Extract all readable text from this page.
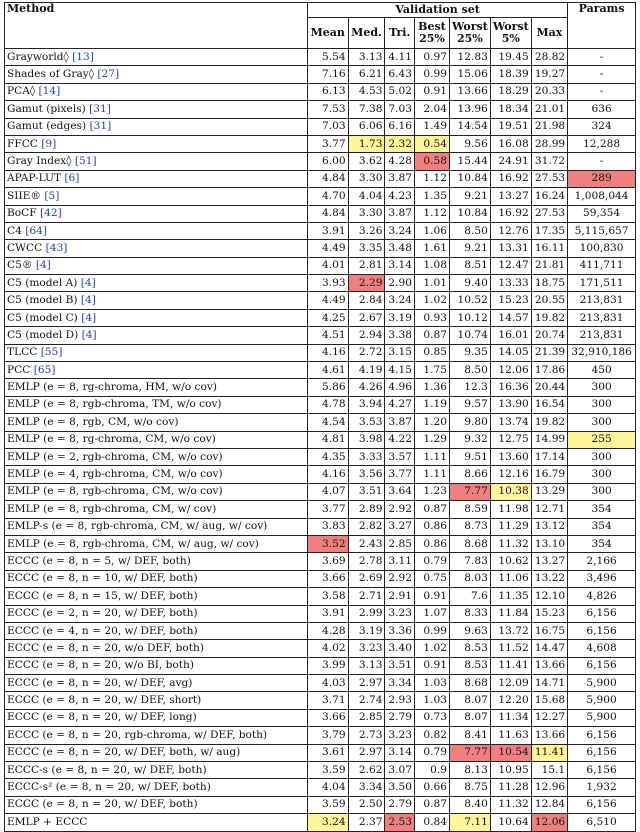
Method	Validation set							Params
	Mean	Med.	Tri.	Best 25%	Worst 25%	Worst 5%	Max	
Grayworld◊ [13]	5.54	3.13	4.11	0.97	12.83	19.45	28.82	-
Shades of Gray◊ [27]	7.16	6.21	6.43	0.99	15.06	18.39	19.27	-
PCA◊ [14]	6.13	4.53	5.02	0.91	13.66	18.29	20.33	-
Gamut (pixels) [31]	7.53	7.38	7.03	2.04	13.96	18.34	21.01	636
Gamut (edges) [31]	7.03	6.06	6.16	1.49	14.54	19.51	21.98	324
FFCC [9]	3.77	1.73	2.32	0.54	9.56	16.08	28.99	12,288
Gray Index◊ [51]	6.00	3.62	4.28	0.58	15.44	24.91	31.72	-
APAP-LUT [6]	4.84	3.30	3.87	1.12	10.84	16.92	27.53	289
SIIE® [5]	4.70	4.04	4.23	1.35	9.21	13.27	16.24	1,008,044
BoCF [42]	4.84	3.30	3.87	1.12	10.84	16.92	27.53	59,354
C4 [64]	3.91	3.26	3.24	1.06	8.50	12.76	17.35	5,115,657
CWCC [43]	4.49	3.35	3.48	1.61	9.21	13.31	16.11	100,830
C5® [4]	4.01	2.81	3.14	1.08	8.51	12.47	21.81	411,711
C5 (model A) [4]	3.93	2.29	2.90	1.01	9.40	13.33	18.75	171,511
C5 (model B) [4]	4.49	2.84	3.24	1.02	10.52	15.23	20.55	213,831
C5 (model C) [4]	4.25	2.67	3.19	0.93	10.12	14.57	19.82	213,831
C5 (model D) [4]	4.51	2.94	3.38	0.87	10.74	16.01	20.74	213,831
TLCC [55]	4.16	2.72	3.15	0.85	9.35	14.05	21.39	32,910,186
PCC [65]	4.61	4.19	4.15	1.75	8.50	12.06	17.86	450
EMLP (e = 8, rg-chroma, HM, w/o cov)	5.86	4.26	4.96	1.36	12.3	16.36	20.44	300
EMLP (e = 8, rgb-chroma, TM, w/o cov)	4.78	3.94	4.27	1.19	9.57	13.90	16.54	300
EMLP (e = 8, rgb, CM, w/o cov)	4.54	3.53	3.87	1.20	9.80	13.74	19.82	300
EMLP (e = 8, rg-chroma, CM, w/o cov)	4.81	3.98	4.22	1.29	9.32	12.75	14.99	255
EMLP (e = 2, rgb-chroma, CM, w/o cov)	4.35	3.33	3.57	1.11	9.51	13.60	17.14	300
EMLP (e = 4, rgb-chroma, CM, w/o cov)	4.16	3.56	3.77	1.11	8.66	12.16	16.79	300
EMLP (e = 8, rgb-chroma, CM, w/o cov)	4.07	3.51	3.64	1.23	7.77	10.38	13.29	300
EMLP (e = 8, rgb-chroma, CM, w/ cov)	3.77	2.89	2.92	0.87	8.59	11.98	12.71	354
EMLP-s (e = 8, rgb-chroma, CM, w/ aug, w/ cov)	3.83	2.82	3.27	0.86	8.73	11.29	13.12	354
EMLP (e = 8, rgb-chroma, CM, w/ aug, w/ cov)	3.52	2.43	2.85	0.86	8.68	11.32	13.10	354
ECCC (e = 8, n = 5, w/ DEF, both)	3.69	2.78	3.11	0.79	7.83	10.62	13.27	2,166
ECCC (e = 8, n = 10, w/ DEF, both)	3.66	2.69	2.92	0.75	8.03	11.06	13.22	3,496
ECCC (e = 8, n = 15, w/ DEF, both)	3.58	2.71	2.91	0.91	7.6	11.35	12.10	4,826
ECCC (e = 2, n = 20, w/ DEF, both)	3.91	2.99	3.23	1.07	8.33	11.84	15.23	6,156
ECCC (e = 4, n = 20, w/ DEF, both)	4.28	3.19	3.36	0.99	9.63	13.72	16.75	6,156
ECCC (e = 8, n = 20, w/o DEF, both)	4.02	3.23	3.40	1.02	8.53	11.52	14.47	4,608
ECCC (e = 8, n = 20, w/o BI, both)	3.99	3.13	3.51	0.91	8.53	11.41	13.66	6,156
ECCC (e = 8, n = 20, w/ DEF, avg)	4.03	2.97	3.34	1.03	8.68	12.09	14.71	5,900
ECCC (e = 8, n = 20, w/ DEF, short)	3.71	2.74	2.93	1.03	8.07	12.20	15.68	5,900
ECCC (e = 8, n = 20, w/ DEF, long)	3.66	2.85	2.79	0.73	8.07	11.34	12.27	5,900
ECCC (e = 8, n = 20, rgb-chroma, w/ DEF, both)	3.79	2.73	3.23	0.82	8.41	11.63	13.66	6,156
ECCC (e = 8, n = 20, w/ DEF, both, w/ aug)	3.61	2.97	3.14	0.79	7.77	10.54	11.41	6,156
ECCC-s (e = 8, n = 20, w/ DEF, both)	3.59	2.62	3.07	0.9	8.13	10.95	15.1	6,156
ECCC-s² (e = 8, n = 20, w/ DEF, both)	4.04	3.34	3.50	0.66	8.75	11.28	12.96	1,932
ECCC (e = 8, n = 20, w/ DEF, both)	3.59	2.50	2.79	0.87	8.40	11.32	12.84	6,156
EMLP + ECCC	3.24	2.37	2.53	0.84	7.11	10.64	12.06	6,510
